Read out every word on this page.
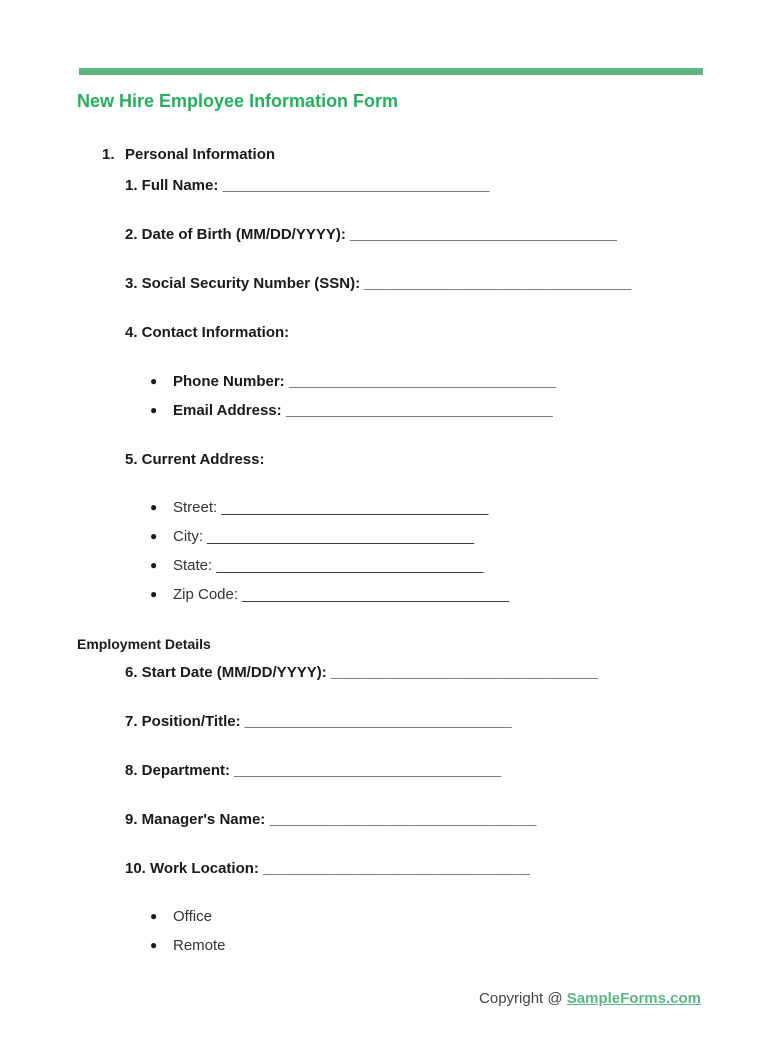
New Hire Employee Information Form
1. Personal Information
1. Full Name: ________________________________
2. Date of Birth (MM/DD/YYYY): ________________________________
3. Social Security Number (SSN): ________________________________
4. Contact Information:
● Phone Number: ________________________________
● Email Address: ________________________________
5. Current Address:
● Street: ________________________________
● City: ________________________________
● State: ________________________________
● Zip Code: ________________________________
Employment Details
6. Start Date (MM/DD/YYYY): ________________________________
7. Position/Title: ________________________________
8. Department: ________________________________
9. Manager's Name: ________________________________
10. Work Location: ________________________________
● Office
● Remote
Copyright @ SampleForms.com
